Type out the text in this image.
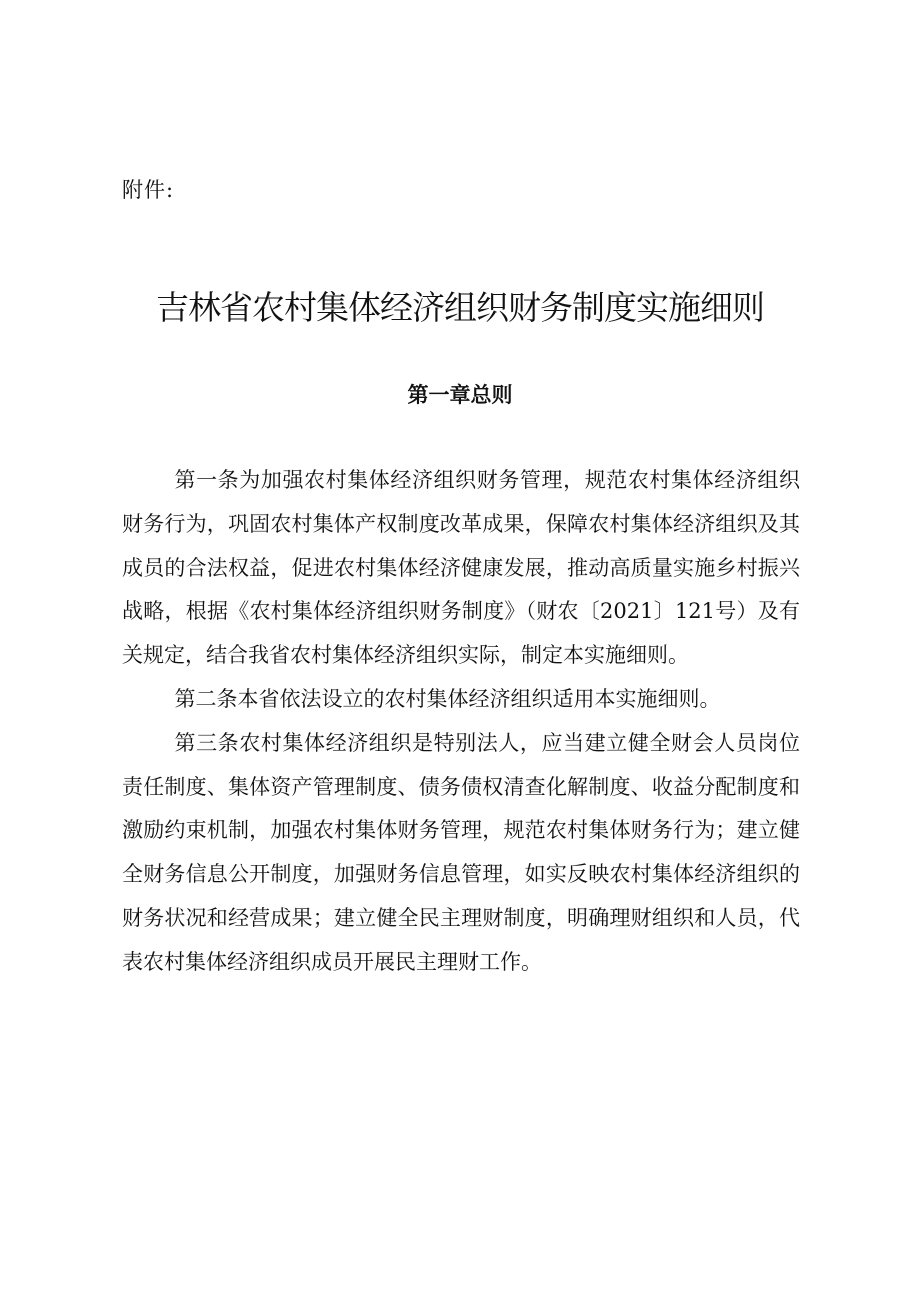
附件:
吉林省农村集体经济组织财务制度实施细则
第一章总则

第一条为加强农村集体经济组织财务管理，规范农村集体经济组织财务行为，巩固农村集体产权制度改革成果，保障农村集体经济组织及其成员的合法权益，促进农村集体经济健康发展，推动高质量实施乡村振兴战略，根据《农村集体经济组织财务制度》（财农〔2021〕121号）及有关规定，结合我省农村集体经济组织实际，制定本实施细则。

第二条本省依法设立的农村集体经济组织适用本实施细则。

第三条农村集体经济组织是特别法人，应当建立健全财会人员岗位责任制度、集体资产管理制度、债务债权清查化解制度、收益分配制度和激励约束机制，加强农村集体财务管理，规范农村集体财务行为；建立健全财务信息公开制度，加强财务信息管理，如实反映农村集体经济组织的财务状况和经营成果；建立健全民主理财制度，明确理财组织和人员，代表农村集体经济组织成员开展民主理财工作。
